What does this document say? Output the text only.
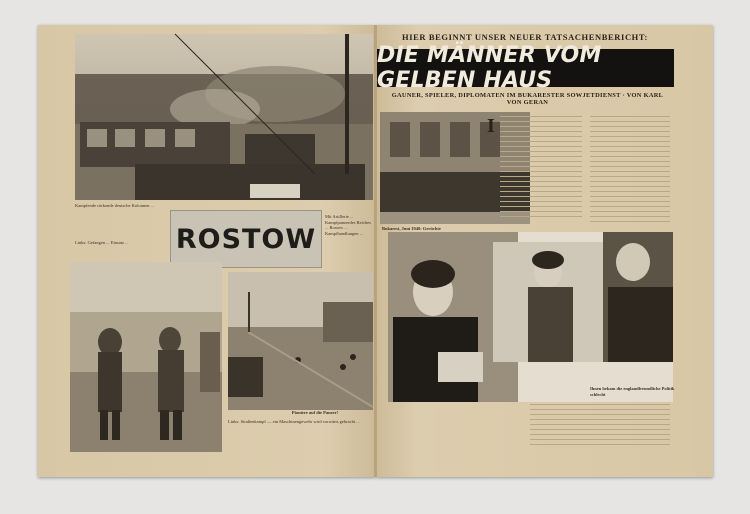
Kampfende rückende deutsche Kolonnen ...
ROSTOW
Mit Artillerie ... Kampfpanzerdes Reiches ... Rostow ... Kampfhandlungen ...
Links: Gefangen ... Einsatz ...
Pioniere auf die Panzer!
Links: Straßenkampf — ein Maschinengewehr wird vorwärts gebracht ...
HIER BEGINNT UNSER NEUER TATSACHENBERICHT:
DIE MÄNNER VOM GELBEN HAUS
GAUNER, SPIELER, DIPLOMATEN IM BUKARESTER SOWJETDIENST · VON KARL VON GERAN
Bukarest, Juni 1940: Gerüchte
I
Ihnen bekam die englandfreundliche Politik schlecht
